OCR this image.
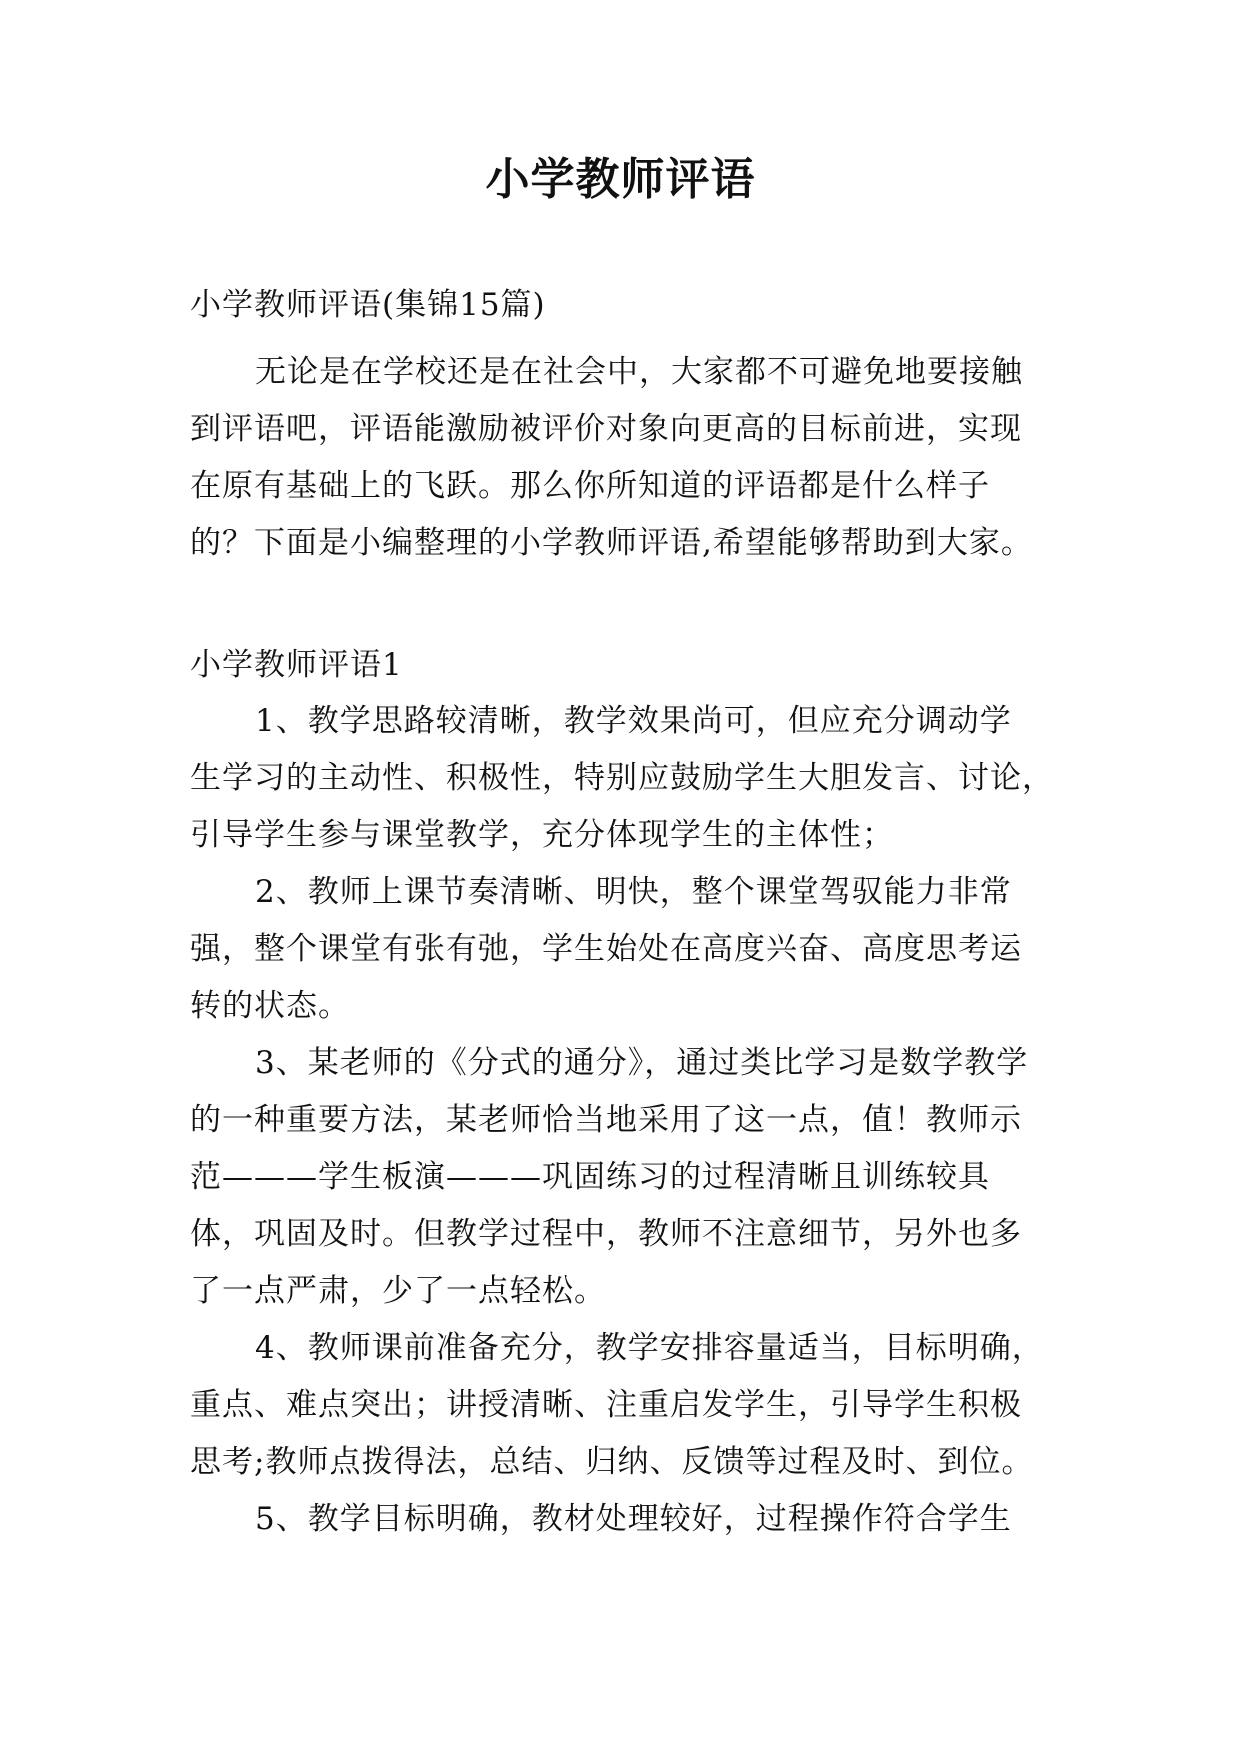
小学教师评语
小学教师评语(集锦15篇)
无论是在学校还是在社会中，大家都不可避免地要接触
到评语吧，评语能激励被评价对象向更高的目标前进，实现
在原有基础上的飞跃。那么你所知道的评语都是什么样子
的？下面是小编整理的小学教师评语,希望能够帮助到大家。
小学教师评语1
1、教学思路较清晰，教学效果尚可，但应充分调动学
生学习的主动性、积极性，特别应鼓励学生大胆发言、讨论，
引导学生参与课堂教学，充分体现学生的主体性；
2、教师上课节奏清晰、明快，整个课堂驾驭能力非常
强，整个课堂有张有弛，学生始处在高度兴奋、高度思考运
转的状态。
3、某老师的《分式的通分》，通过类比学习是数学教学
的一种重要方法，某老师恰当地采用了这一点，值！教师示
范———学生板演———巩固练习的过程清晰且训练较具
体，巩固及时。但教学过程中，教师不注意细节，另外也多
了一点严肃，少了一点轻松。
4、教师课前准备充分，教学安排容量适当，目标明确，
重点、难点突出；讲授清晰、注重启发学生，引导学生积极
思考;教师点拨得法，总结、归纳、反馈等过程及时、到位。
5、教学目标明确，教材处理较好，过程操作符合学生
